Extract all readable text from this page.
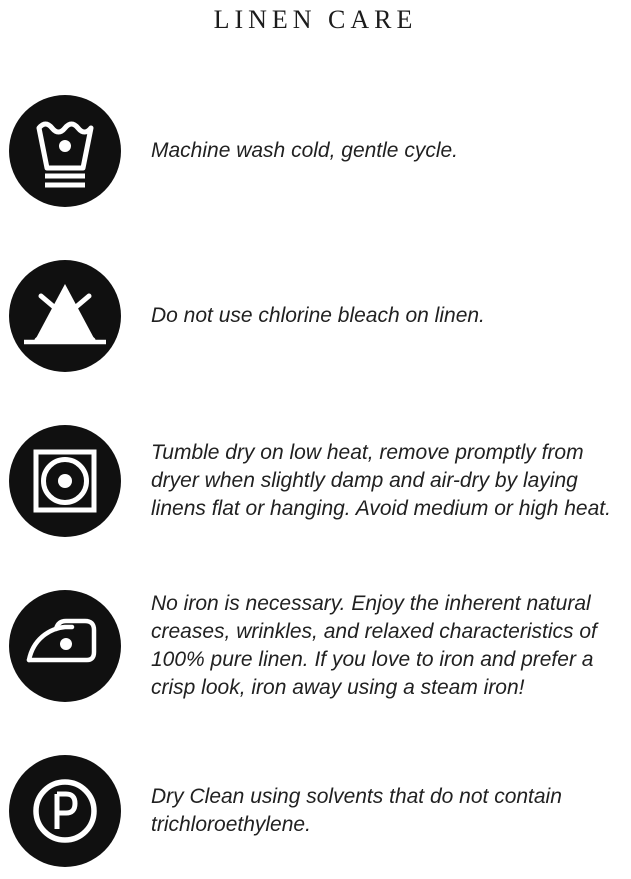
LINEN CARE

Machine wash cold, gentle cycle.

Do not use chlorine bleach on linen.

Tumble dry on low heat, remove promptly from dryer when slightly damp and air-dry by laying linens flat or hanging. Avoid medium or high heat.

No iron is necessary. Enjoy the inherent natural creases, wrinkles, and relaxed characteristics of 100% pure linen. If you love to iron and prefer a crisp look, iron away using a steam iron!

Dry Clean using solvents that do not contain trichloroethylene.
